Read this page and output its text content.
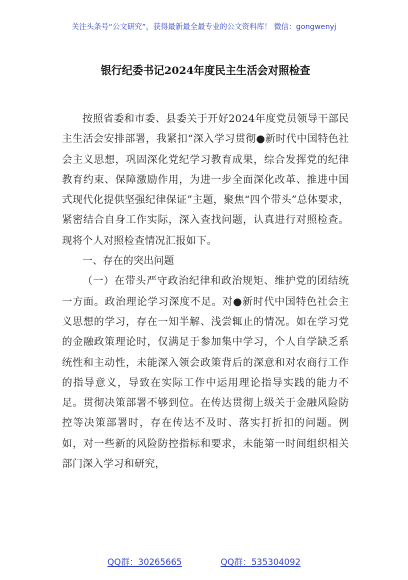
关注头条号“公文研究”，获得最新最全最专业的公文资料库！ 微信：gongwenyj
银行纪委书记2024年度民主生活会对照检查

按照省委和市委、县委关于开好2024年度党员领导干部民主生活会安排部署，我紧扣“深入学习贯彻●新时代中国特色社会主义思想，巩固深化党纪学习教育成果，综合发挥党的纪律教育约束、保障激励作用，为进一步全面深化改革、推进中国式现代化提供坚强纪律保证”主题，聚焦“四个带头”总体要求，紧密结合自身工作实际，深入查找问题，认真进行对照检查。现将个人对照检查情况汇报如下。

一、存在的突出问题

（一）在带头严守政治纪律和政治规矩、维护党的团结统一方面。政治理论学习深度不足。对●新时代中国特色社会主义思想的学习，存在一知半解、浅尝辄止的情况。如在学习党的金融政策理论时，仅满足于参加集中学习，个人自学缺乏系统性和主动性，未能深入领会政策背后的深意和对农商行工作的指导意义，导致在实际工作中运用理论指导实践的能力不足。贯彻决策部署不够到位。在传达贯彻上级关于金融风险防控等决策部署时，存在传达不及时、落实打折扣的问题。例如，对一些新的风险防控指标和要求，未能第一时间组织相关部门深入学习和研究，

QQ群：30265665	QQ群：535304092
